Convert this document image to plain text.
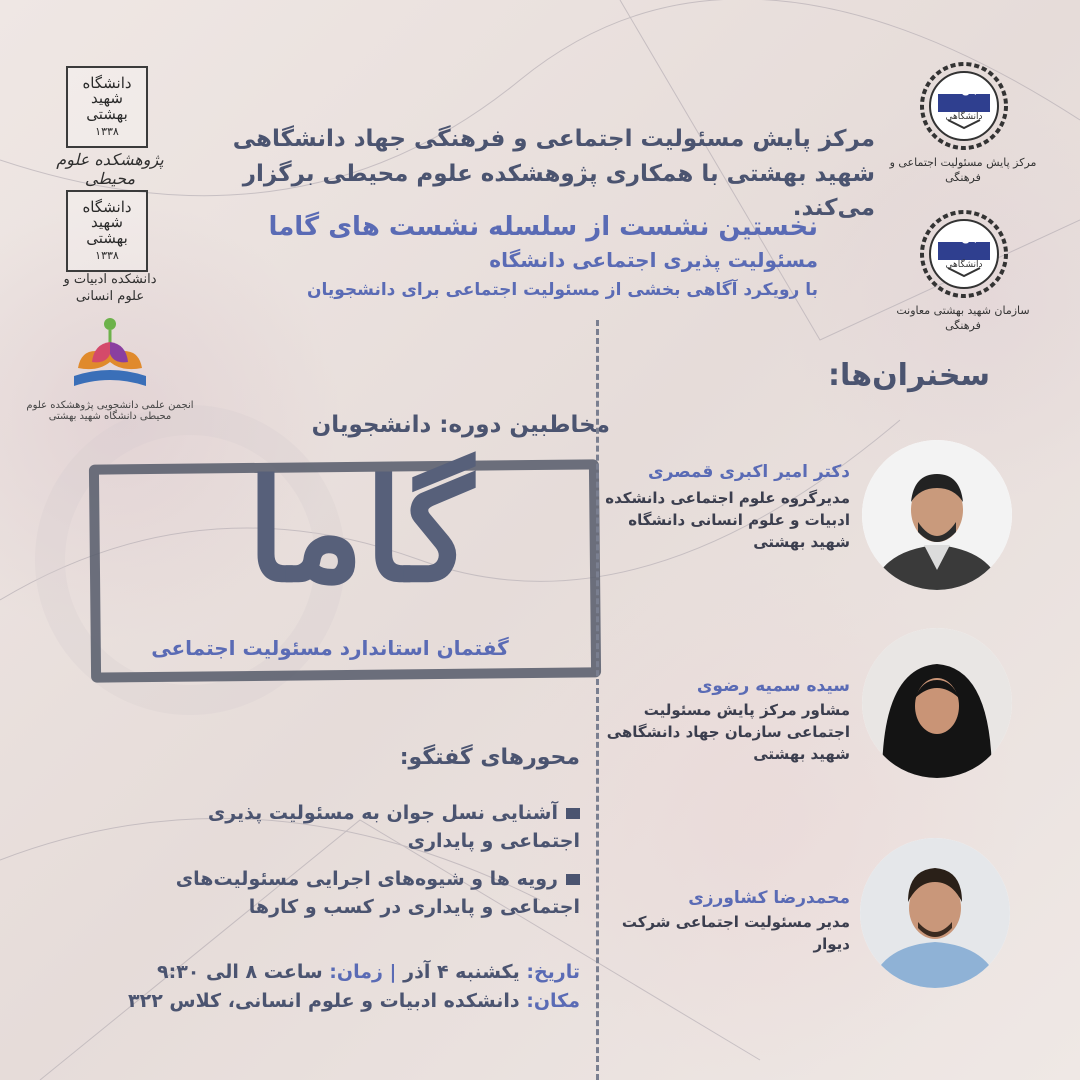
دانشگاه شهید بهشتی
۱۳۳۸
پژوهشکده علوم محیطی
دانشگاه شهید بهشتی
۱۳۳۸
دانشکده ادبیات و علوم انسانی
انجمن علمی دانشجویی پژوهشکده علوم محیطی دانشگاه شهید بهشتی
جهاد
دانشگاهی
مرکز پایش مسئولیت اجتماعی و فرهنگی
جهاد
دانشگاهی
سازمان شهید بهشتی معاونت فرهنگی
مرکز پایش مسئولیت اجتماعی و فرهنگی جهاد دانشگاهی شهید بهشتی با همکاری پژوهشکده علوم محیطی برگزار می‌کند.
نخستین نشست از سلسله نشست های گاما
مسئولیت پذیری اجتماعی دانشگاه
با رویکرد آگاهی بخشی از مسئولیت اجتماعی برای دانشجویان
مخاطبین دوره: دانشجویان
گاما
گفتمان استاندارد مسئولیت اجتماعی
محورهای گفتگو:
آشنایی نسل جوان به مسئولیت پذیری اجتماعی و پایداری
رویه ها و شیوه‌های اجرایی مسئولیت‌های اجتماعی و پایداری در کسب و کارها
تاریخ: یکشنبه ۴ آذر | زمان: ساعت ۸ الی ۹:۳۰
مکان: دانشکده ادبیات و علوم انسانی، کلاس ۳۲۲
سخنران‌ها:
دکتر امیر اکبری قمصری
مدیرگروه علوم اجتماعی دانشکده ادبیات و علوم انسانی دانشگاه شهید بهشتی
سیده سمیه رضوی
مشاور مرکز پایش مسئولیت اجتماعی سازمان جهاد دانشگاهی شهید بهشتی
محمدرضا کشاورزی
مدیر مسئولیت اجتماعی شرکت دیوار
